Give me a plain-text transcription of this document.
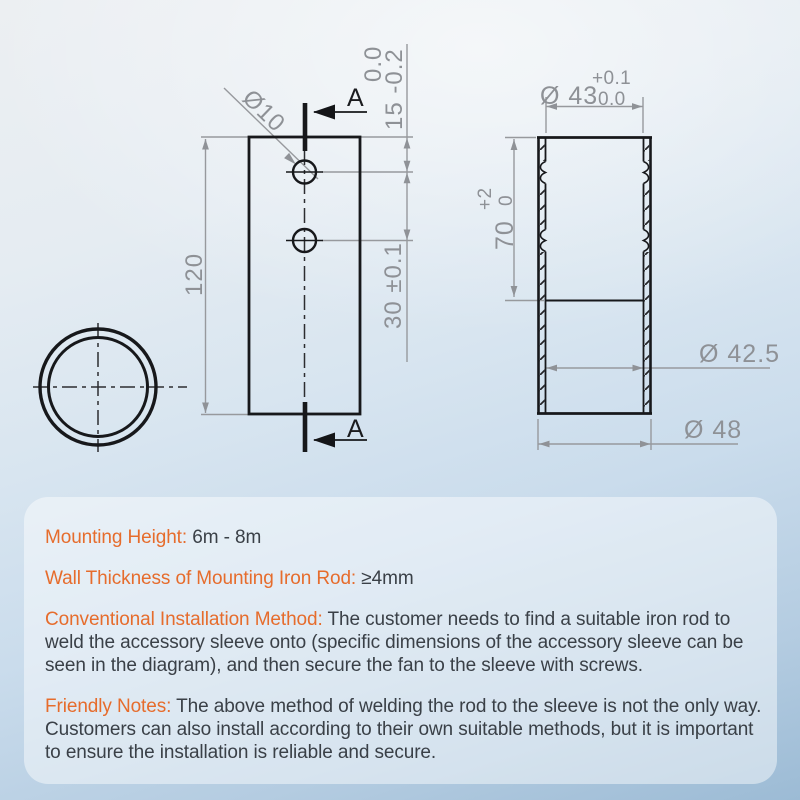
A
A
120
15 -0.2
0.0
30 ±0.1
Ø10	Ø 43
+0.1
0.0
70
0
+2
Ø 42.5
Ø 48

Mounting Height: 6m - 8m

Wall Thickness of Mounting Iron Rod: ≥4mm

Conventional Installation Method: The customer needs to find a suitable iron rod to weld the accessory sleeve onto (specific dimensions of the accessory sleeve can be seen in the diagram), and then secure the fan to the sleeve with screws.

Friendly Notes: The above method of welding the rod to the sleeve is not the only way. Customers can also install according to their own suitable methods, but it is important to ensure the installation is reliable and secure.
